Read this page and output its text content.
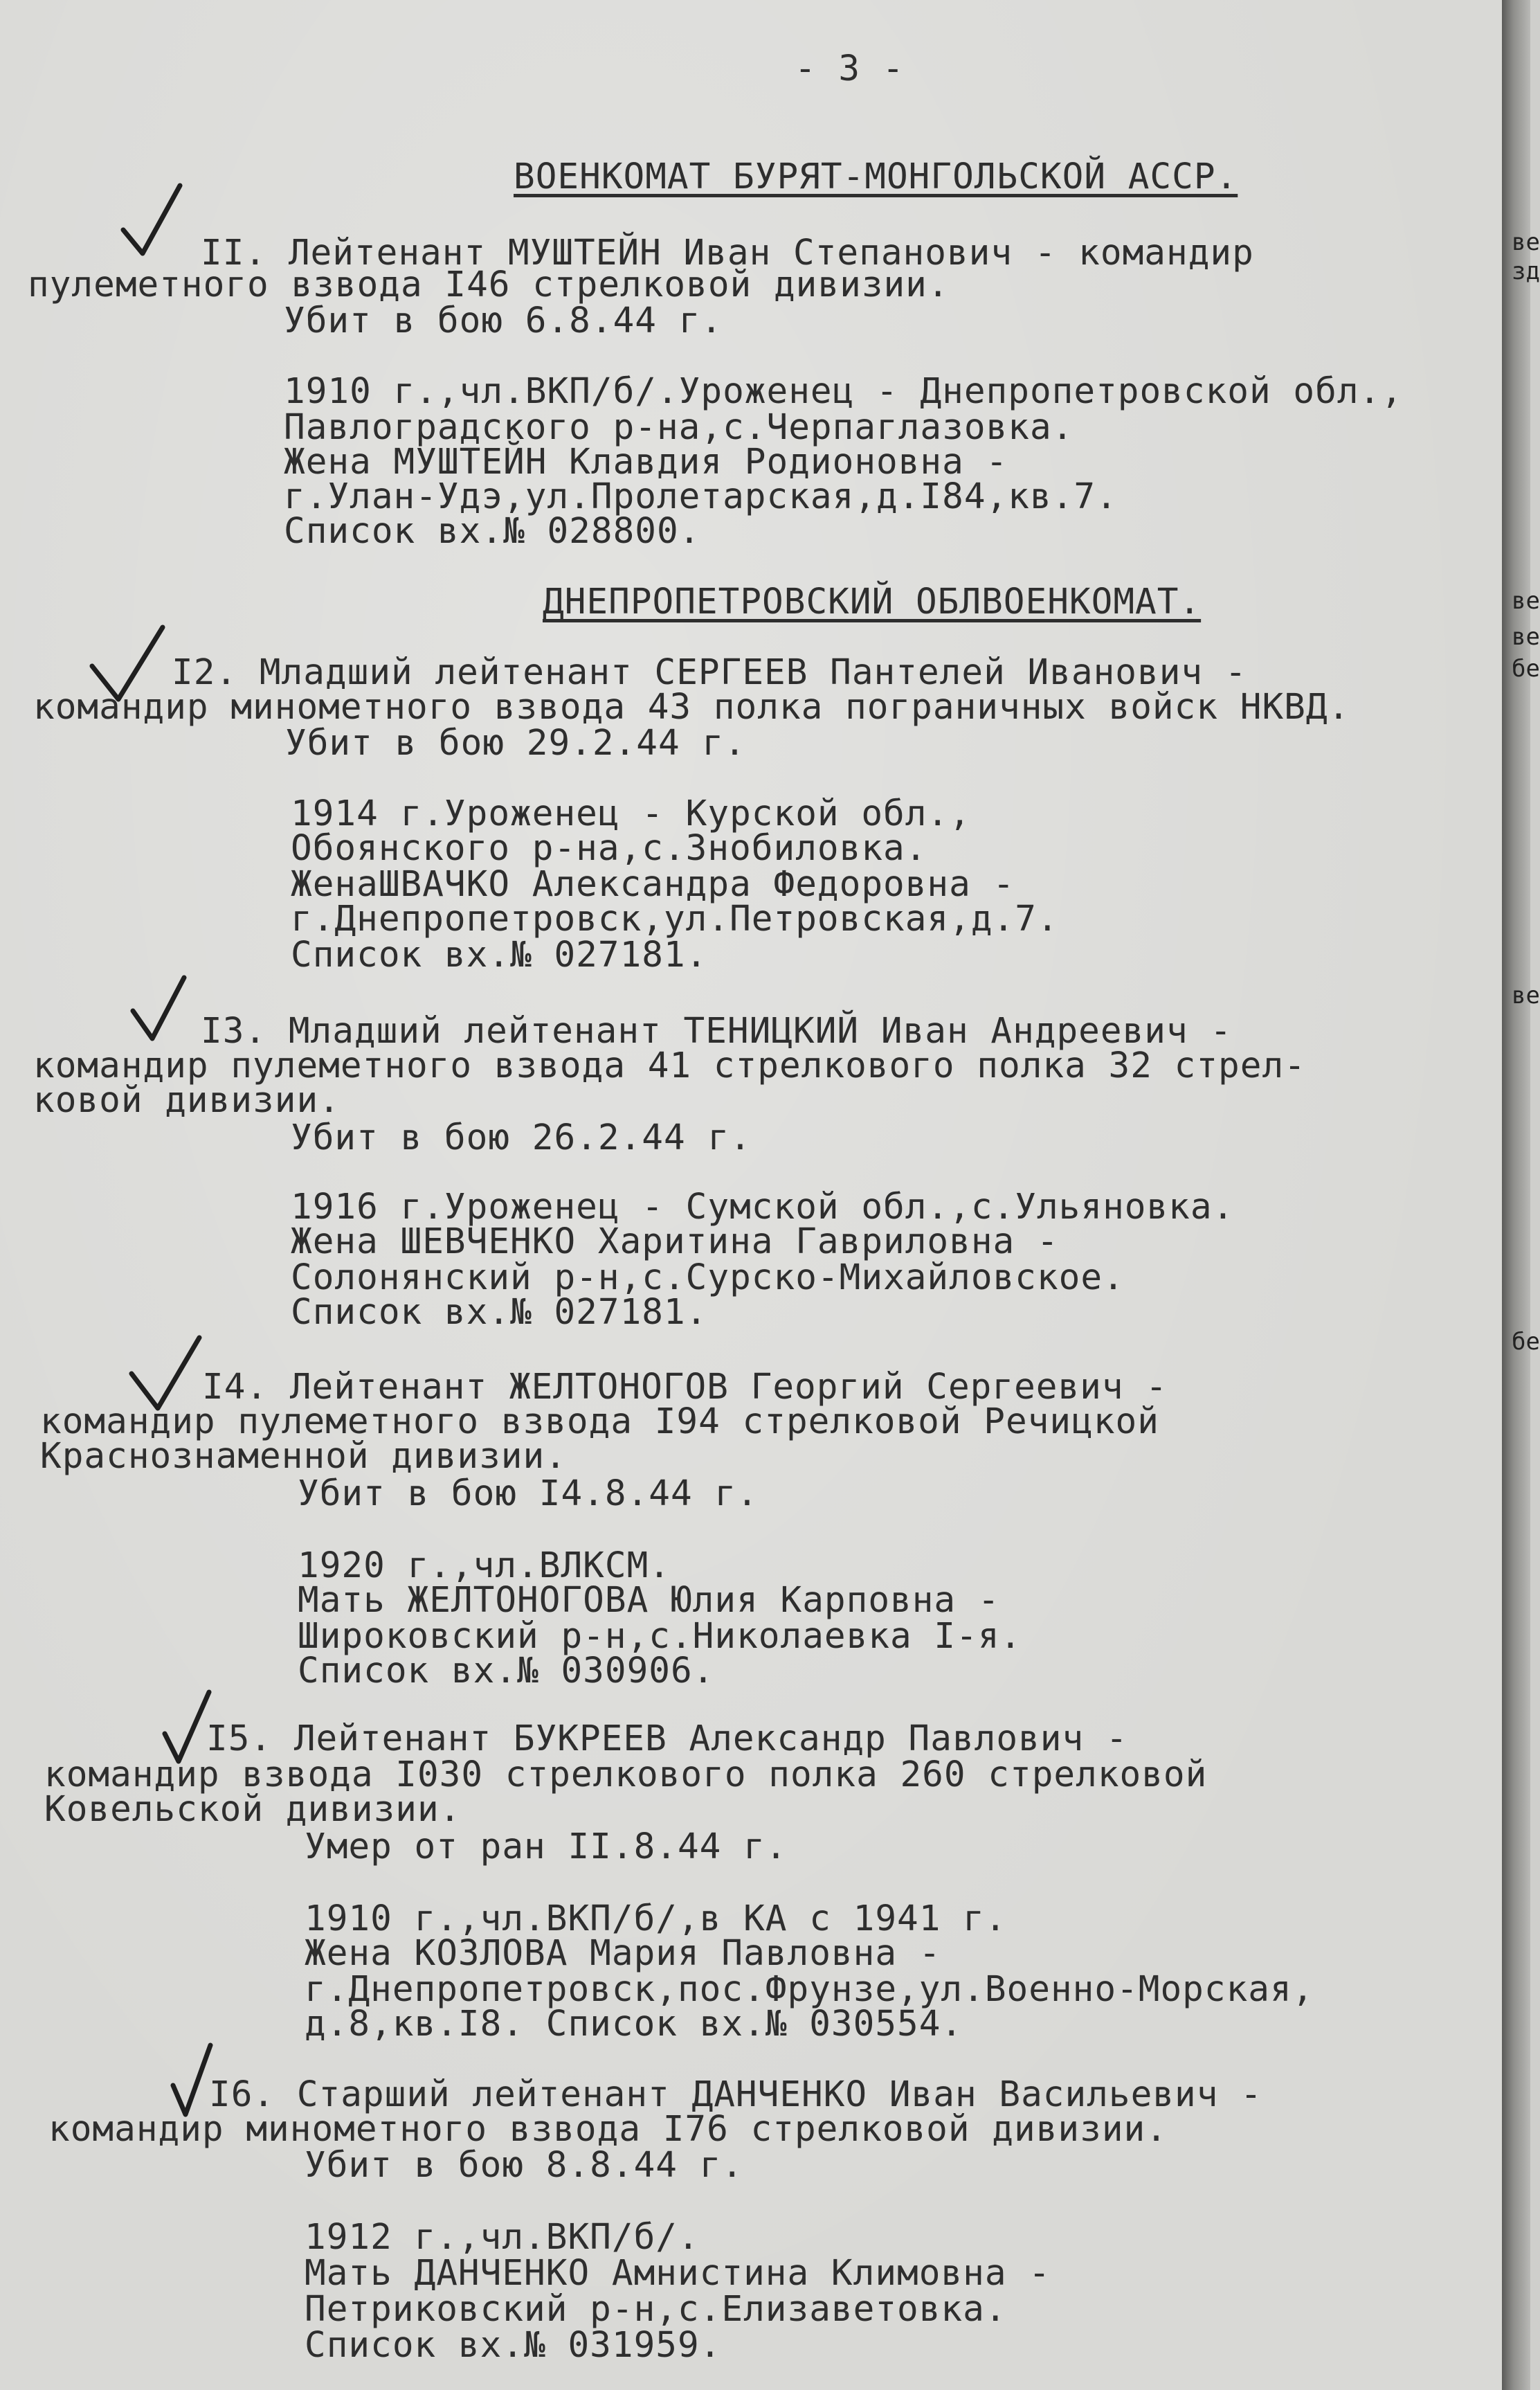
- 3 -
ВОЕНКОМАТ БУРЯТ-МОНГОЛЬСКОЙ АССР.
II. Лейтенант МУШТЕЙН Иван Степанович - командир
пулеметного взвода I46 стрелковой дивизии.
Убит в бою 6.8.44 г.
1910 г.,чл.ВКП/б/.Уроженец - Днепропетровской обл.,
Павлоградского р-на,с.Черпаглазовка.
Жена МУШТЕЙН Клавдия Родионовна -
г.Улан-Удэ,ул.Пролетарская,д.I84,кв.7.
Список вх.№ 028800.
ДНЕПРОПЕТРОВСКИЙ ОБЛВОЕНКОМАТ.
I2. Младший лейтенант СЕРГЕЕВ Пантелей Иванович -
командир минометного взвода 43 полка пограничных войск НКВД.
Убит в бою 29.2.44 г.
1914 г.Уроженец - Курской обл.,
Обоянского р-на,с.Знобиловка.
ЖенаШВАЧКО Александра Федоровна -
г.Днепропетровск,ул.Петровская,д.7.
Список вх.№ 027181.
I3. Младший лейтенант ТЕНИЦКИЙ Иван Андреевич -
командир пулеметного взвода 41 стрелкового полка 32 стрел-
ковой дивизии.
Убит в бою 26.2.44 г.
1916 г.Уроженец - Сумской обл.,с.Ульяновка.
Жена ШЕВЧЕНКО Харитина Гавриловна -
Солонянский р-н,с.Сурско-Михайловское.
Список вх.№ 027181.
I4. Лейтенант ЖЕЛТОНОГОВ Георгий Сергеевич -
командир пулеметного взвода I94 стрелковой Речицкой
Краснознаменной дивизии.
Убит в бою I4.8.44 г.
1920 г.,чл.ВЛКСМ.
Мать ЖЕЛТОНОГОВА Юлия Карповна -
Широковский р-н,с.Николаевка I-я.
Список вх.№ 030906.
I5. Лейтенант БУКРЕЕВ Александр Павлович -
командир взвода I030 стрелкового полка 260 стрелковой
Ковельской дивизии.
Умер от ран II.8.44 г.
1910 г.,чл.ВКП/б/,в КА с 1941 г.
Жена КОЗЛОВА Мария Павловна -
г.Днепропетровск,пос.Фрунзе,ул.Военно-Морская,
д.8,кв.I8. Список вх.№ 030554.
I6. Старший лейтенант ДАНЧЕНКО Иван Васильевич -
командир минометного взвода I76 стрелковой дивизии.
Убит в бою 8.8.44 г.
1912 г.,чл.ВКП/б/.
Мать ДАНЧЕНКО Амнистина Климовна -
Петриковский р-н,с.Елизаветовка.
Список вх.№ 031959.
ве
зд
ве
ве
бе
ве
бе
